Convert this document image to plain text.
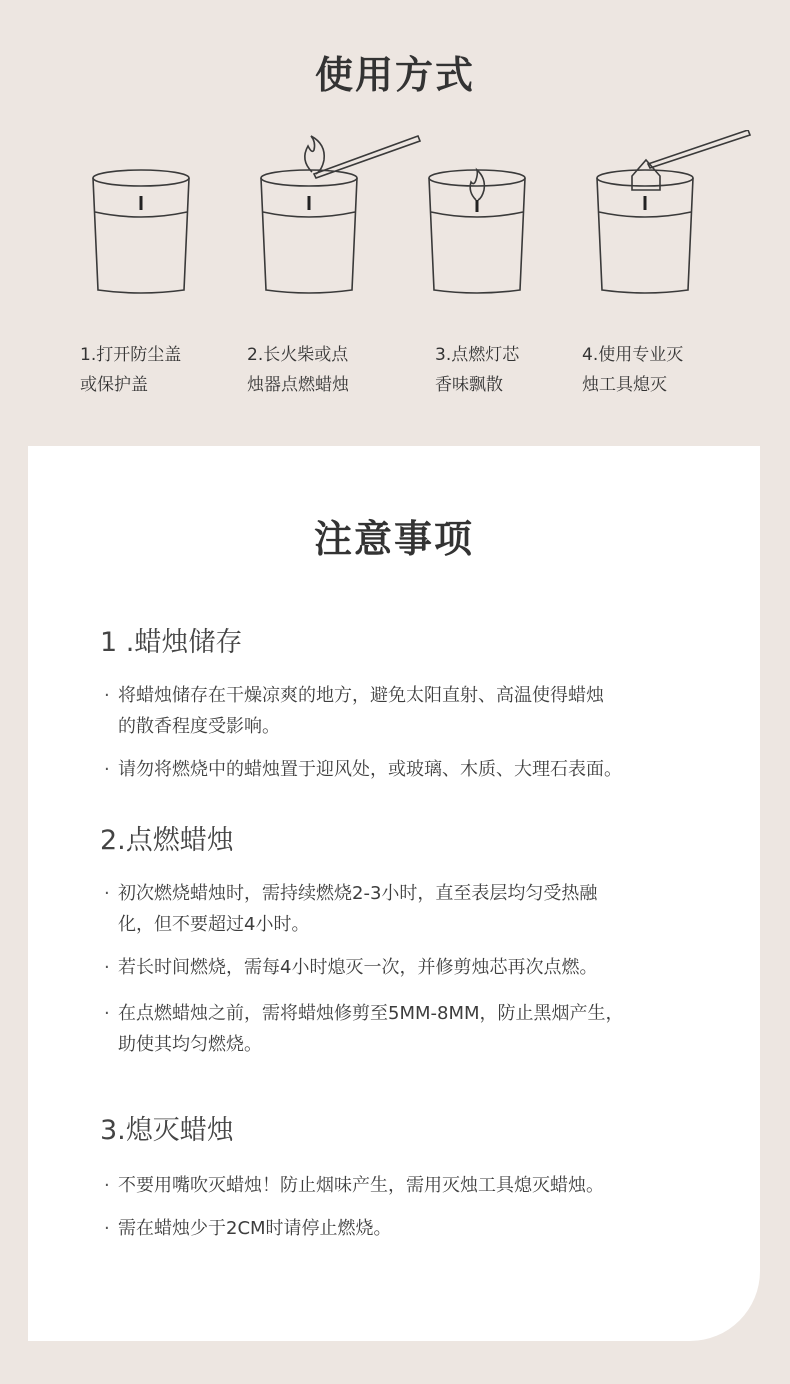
使用方式
1.打开防尘盖
或保护盖
2.长火柴或点
烛器点燃蜡烛
3.点燃灯芯
香味飘散
4.使用专业灭
烛工具熄灭
注意事项
1 .蜡烛储存
· 将蜡烛储存在干燥凉爽的地方，避免太阳直射、高温使得蜡烛
的散香程度受影响。
· 请勿将燃烧中的蜡烛置于迎风处，或玻璃、木质、大理石表面。
2.点燃蜡烛
· 初次燃烧蜡烛时，需持续燃烧2-3小时，直至表层均匀受热融
化，但不要超过4小时。
· 若长时间燃烧，需每4小时熄灭一次，并修剪烛芯再次点燃。
· 在点燃蜡烛之前，需将蜡烛修剪至5MM-8MM，防止黑烟产生，
助使其均匀燃烧。
3.熄灭蜡烛
· 不要用嘴吹灭蜡烛！防止烟味产生，需用灭烛工具熄灭蜡烛。
· 需在蜡烛少于2CM时请停止燃烧。
